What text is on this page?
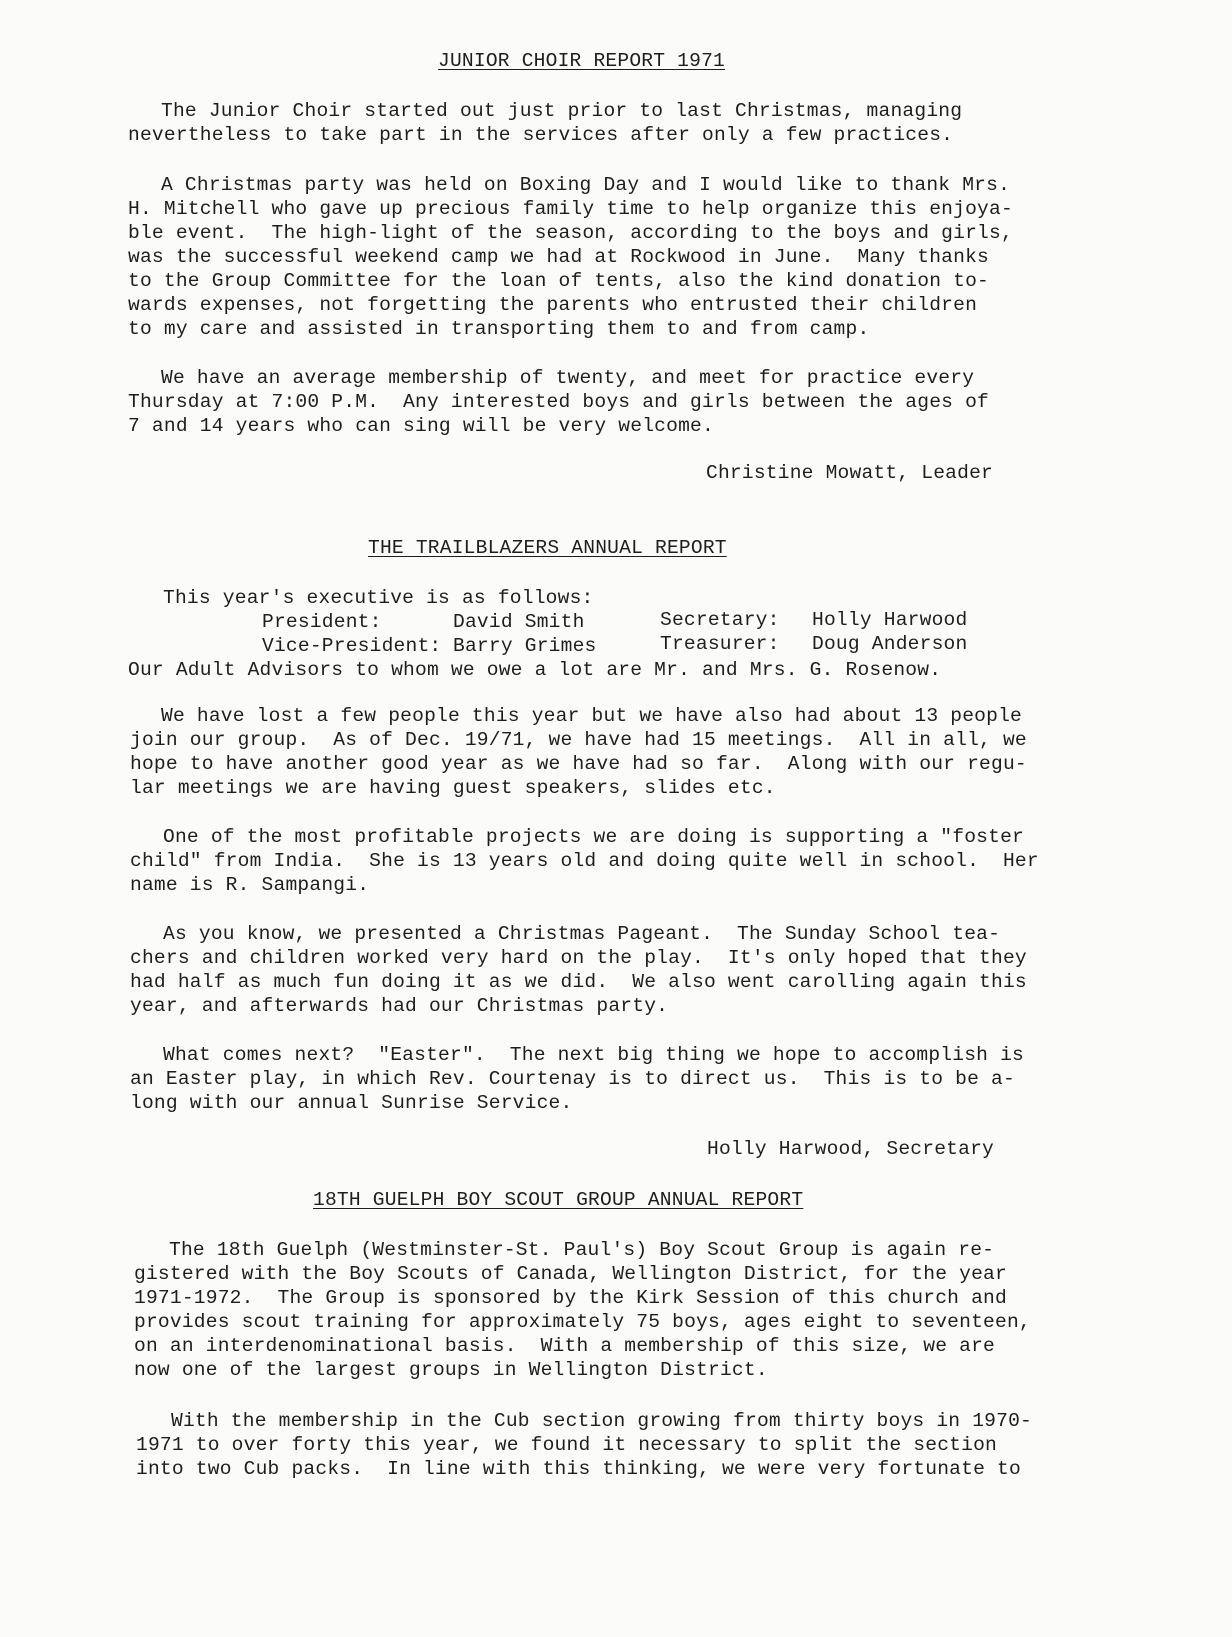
JUNIOR CHOIR REPORT 1971
The Junior Choir started out just prior to last Christmas, managing
nevertheless to take part in the services after only a few practices.
A Christmas party was held on Boxing Day and I would like to thank Mrs.
H. Mitchell who gave up precious family time to help organize this enjoya-
ble event.  The high-light of the season, according to the boys and girls,
was the successful weekend camp we had at Rockwood in June.  Many thanks
to the Group Committee for the loan of tents, also the kind donation to-
wards expenses, not forgetting the parents who entrusted their children
to my care and assisted in transporting them to and from camp.
We have an average membership of twenty, and meet for practice every
Thursday at 7:00 P.M.  Any interested boys and girls between the ages of
7 and 14 years who can sing will be very welcome.
Christine Mowatt, Leader
THE TRAILBLAZERS ANNUAL REPORT
This year's executive is as follows:
President:	David Smith	Secretary: Holly Harwood
Vice-President: Barry Grimes	Treasurer: Doug Anderson
Our Adult Advisors to whom we owe a lot are Mr. and Mrs. G. Rosenow.
We have lost a few people this year but we have also had about 13 people
join our group.  As of Dec. 19/71, we have had 15 meetings.  All in all, we
hope to have another good year as we have had so far.  Along with our regu-
lar meetings we are having guest speakers, slides etc.
One of the most profitable projects we are doing is supporting a "foster
child" from India.  She is 13 years old and doing quite well in school.  Her
name is R. Sampangi.
As you know, we presented a Christmas Pageant.  The Sunday School tea-
chers and children worked very hard on the play.  It's only hoped that they
had half as much fun doing it as we did.  We also went carolling again this
year, and afterwards had our Christmas party.
What comes next?  "Easter".  The next big thing we hope to accomplish is
an Easter play, in which Rev. Courtenay is to direct us.  This is to be a-
long with our annual Sunrise Service.
Holly Harwood, Secretary
18TH GUELPH BOY SCOUT GROUP ANNUAL REPORT
The 18th Guelph (Westminster-St. Paul's) Boy Scout Group is again re-
gistered with the Boy Scouts of Canada, Wellington District, for the year
1971-1972.  The Group is sponsored by the Kirk Session of this church and
provides scout training for approximately 75 boys, ages eight to seventeen,
on an interdenominational basis.  With a membership of this size, we are
now one of the largest groups in Wellington District.
With the membership in the Cub section growing from thirty boys in 1970-
1971 to over forty this year, we found it necessary to split the section
into two Cub packs.  In line with this thinking, we were very fortunate to
